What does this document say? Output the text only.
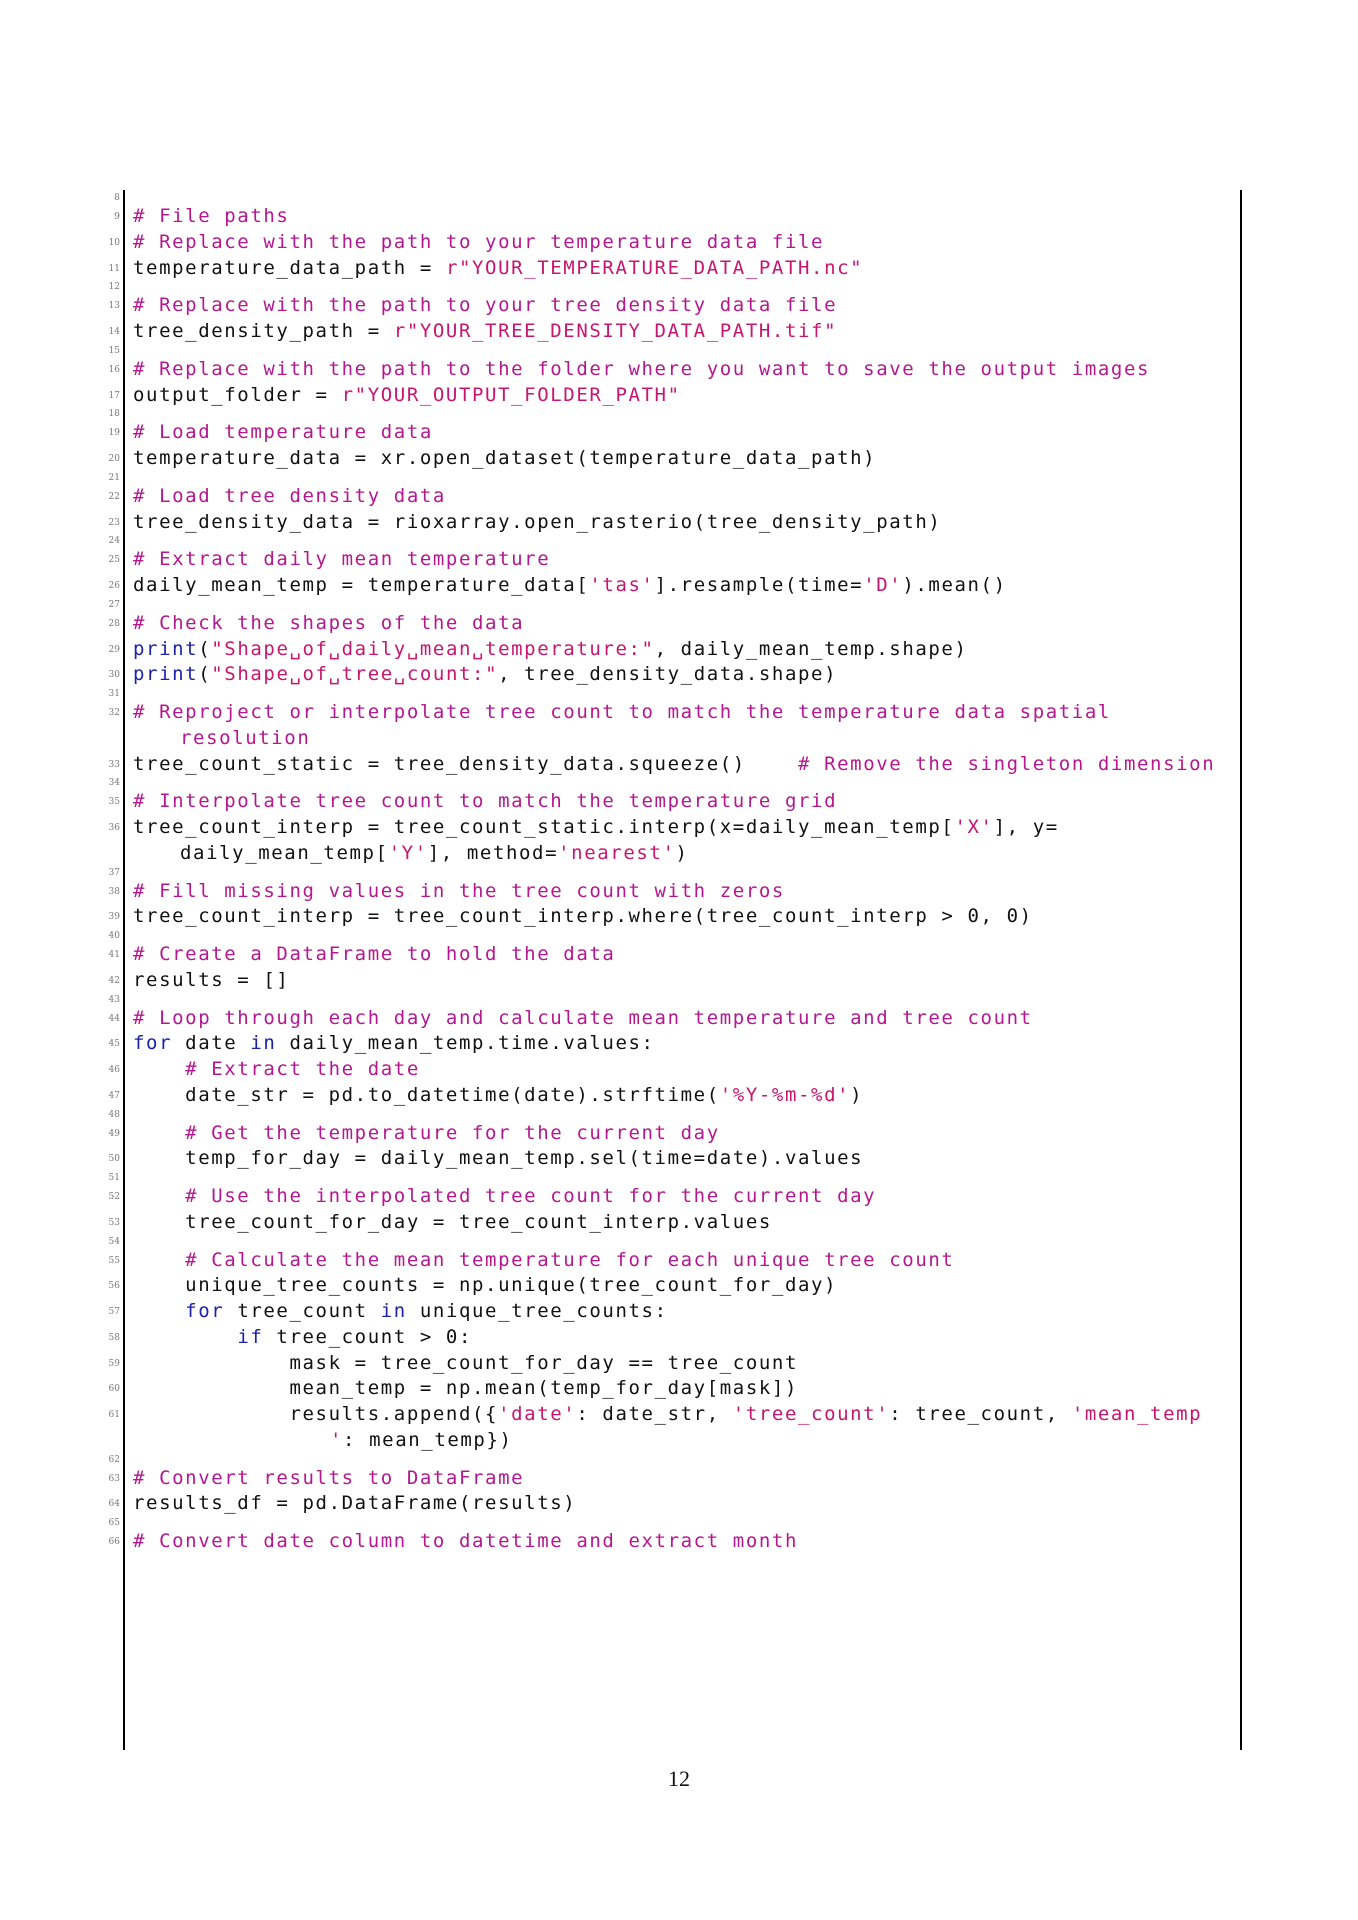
8
9 # File paths
10 # Replace with the path to your temperature data file
11 temperature_data_path = r"YOUR_TEMPERATURE_DATA_PATH.nc"
12
13 # Replace with the path to your tree density data file
14 tree_density_path = r"YOUR_TREE_DENSITY_DATA_PATH.tif"
15
16 # Replace with the path to the folder where you want to save the output images
17 output_folder = r"YOUR_OUTPUT_FOLDER_PATH"
18
19 # Load temperature data
20 temperature_data = xr.open_dataset(temperature_data_path)
21
22 # Load tree density data
23 tree_density_data = rioxarray.open_rasterio(tree_density_path)
24
25 # Extract daily mean temperature
26 daily_mean_temp = temperature_data['tas'].resample(time='D').mean()
27
28 # Check the shapes of the data
29 print("Shape␣of␣daily␣mean␣temperature:", daily_mean_temp.shape)
30 print("Shape␣of␣tree␣count:", tree_density_data.shape)
31
32 # Reproject or interpolate tree count to match the temperature data spatial
resolution
33 tree_count_static = tree_density_data.squeeze()    # Remove the singleton dimension
34
35 # Interpolate tree count to match the temperature grid
36 tree_count_interp = tree_count_static.interp(x=daily_mean_temp['X'], y=
daily_mean_temp['Y'], method='nearest')
37
38 # Fill missing values in the tree count with zeros
39 tree_count_interp = tree_count_interp.where(tree_count_interp > 0, 0)
40
41 # Create a DataFrame to hold the data
42 results = []
43
44 # Loop through each day and calculate mean temperature and tree count
45 for date in daily_mean_temp.time.values:
46	# Extract the date
47 date_str = pd.to_datetime(date).strftime('%Y-%m-%d')
48
49	# Get the temperature for the current day
50 temp_for_day = daily_mean_temp.sel(time=date).values
51
52	# Use the interpolated tree count for the current day
53 tree_count_for_day = tree_count_interp.values
54
55	# Calculate the mean temperature for each unique tree count
56 unique_tree_counts = np.unique(tree_count_for_day)
57	for tree_count in unique_tree_counts:
58	if tree_count > 0:
59 mask = tree_count_for_day == tree_count
60 mean_temp = np.mean(temp_for_day[mask])
61 results.append({'date': date_str, 'tree_count': tree_count, 'mean_temp
': mean_temp})
62
63 # Convert results to DataFrame
64 results_df = pd.DataFrame(results)
65
66 # Convert date column to datetime and extract month
12
